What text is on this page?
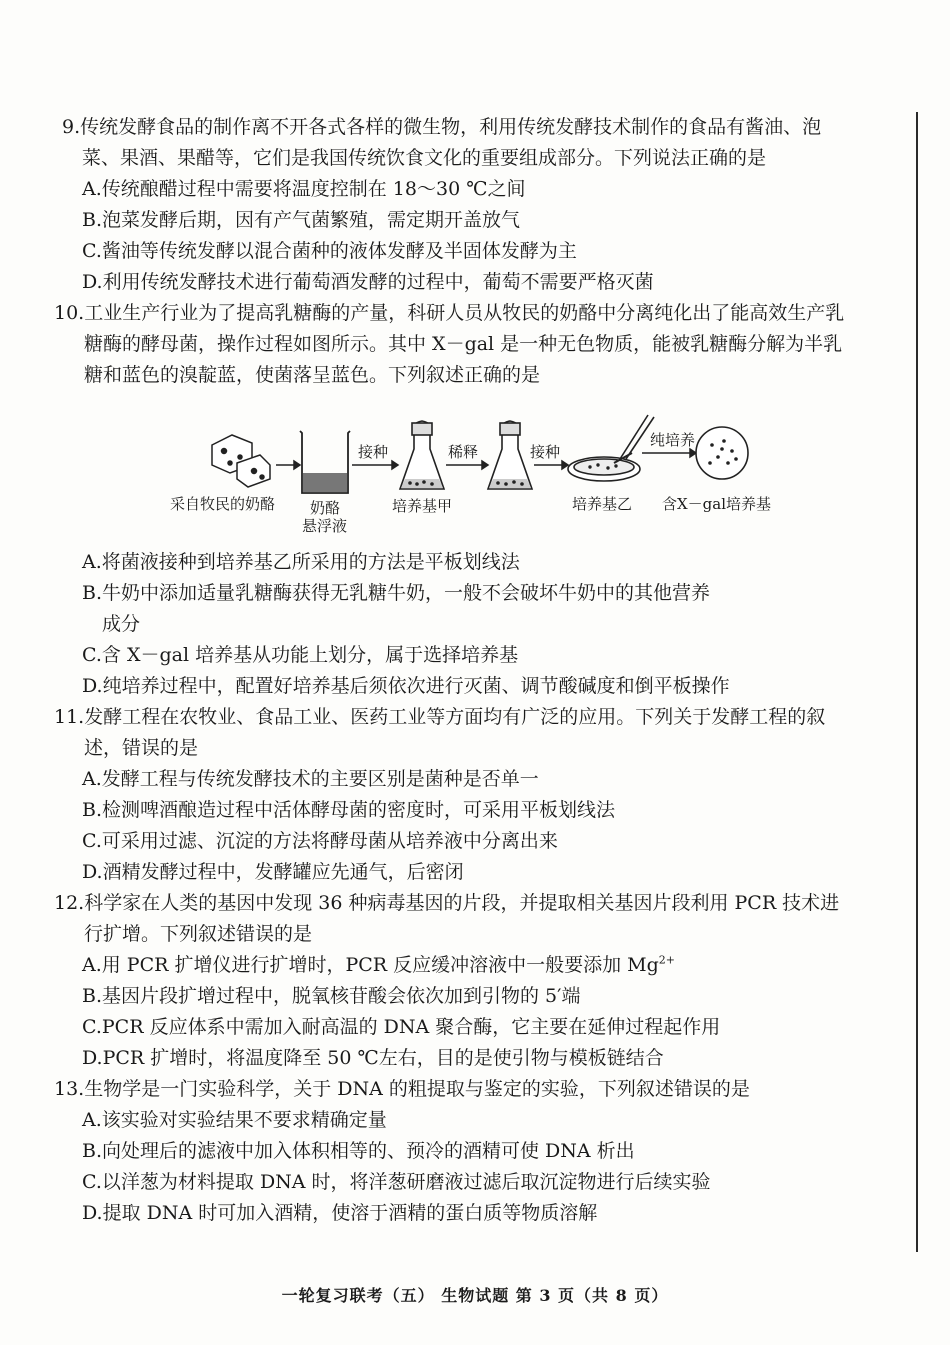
9.传统发酵食品的制作离不开各式各样的微生物，利用传统发酵技术制作的食品有酱油、泡菜、果酒、果醋等，它们是我国传统饮食文化的重要组成部分。下列说法正确的是

A.传统酿醋过程中需要将温度控制在 18～30 ℃之间

B.泡菜发酵后期，因有产气菌繁殖，需定期开盖放气

C.酱油等传统发酵以混合菌种的液体发酵及半固体发酵为主

D.利用传统发酵技术进行葡萄酒发酵的过程中，葡萄不需要严格灭菌

10.工业生产行业为了提高乳糖酶的产量，科研人员从牧民的奶酪中分离纯化出了能高效生产乳糖酶的酵母菌，操作过程如图所示。其中 X－gal 是一种无色物质，能被乳糖酶分解为半乳糖和蓝色的溴靛蓝，使菌落呈蓝色。下列叙述正确的是

接种	稀释	接种
纯培养
采自牧民的奶酪 奶酪
悬浮液
培养基甲	培养基乙 含X－gal培养基

A.将菌液接种到培养基乙所采用的方法是平板划线法

B.牛奶中添加适量乳糖酶获得无乳糖牛奶，一般不会破坏牛奶中的其他营养
成分

C.含 X－gal 培养基从功能上划分，属于选择培养基

D.纯培养过程中，配置好培养基后须依次进行灭菌、调节酸碱度和倒平板操作

11.发酵工程在农牧业、食品工业、医药工业等方面均有广泛的应用。下列关于发酵工程的叙述，错误的是

A.发酵工程与传统发酵技术的主要区别是菌种是否单一

B.检测啤酒酿造过程中活体酵母菌的密度时，可采用平板划线法

C.可采用过滤、沉淀的方法将酵母菌从培养液中分离出来

D.酒精发酵过程中，发酵罐应先通气，后密闭

12.科学家在人类的基因中发现 36 种病毒基因的片段，并提取相关基因片段利用 PCR 技术进行扩增。下列叙述错误的是

A.用 PCR 扩增仪进行扩增时，PCR 反应缓冲溶液中一般要添加 $Mg^{2+}$

B.基因片段扩增过程中，脱氧核苷酸会依次加到引物的 5′端

C.PCR 反应体系中需加入耐高温的 DNA 聚合酶，它主要在延伸过程起作用

D.PCR 扩增时，将温度降至 50 ℃左右，目的是使引物与模板链结合

13.生物学是一门实验科学，关于 DNA 的粗提取与鉴定的实验，下列叙述错误的是

A.该实验对实验结果不要求精确定量

B.向处理后的滤液中加入体积相等的、预冷的酒精可使 DNA 析出

C.以洋葱为材料提取 DNA 时，将洋葱研磨液过滤后取沉淀物进行后续实验

D.提取 DNA 时可加入酒精，使溶于酒精的蛋白质等物质溶解

一轮复习联考（五） 生物试题 第 3 页（共 8 页）
